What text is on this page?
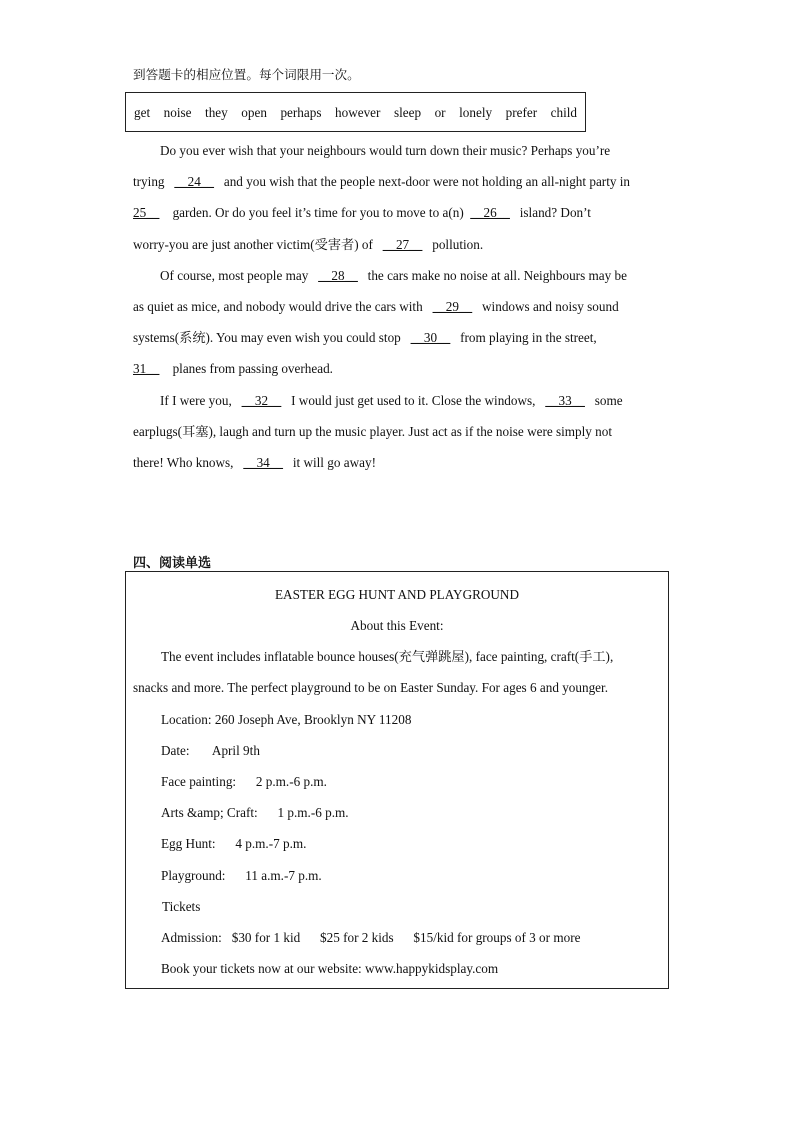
到答题卡的相应位置。每个词限用一次。
get noise they open perhaps however sleep or lonely prefer child
Do you ever wish that your neighbours would turn down their music? Perhaps you’re
trying __24__ and you wish that the people next-door were not holding an all-night party in
25__ garden. Or do you feel it’s time for you to move to a(n) __26__ island? Don’t
worry-you are just another victim(受害者) of __27__ pollution.
Of course, most people may __28__ the cars make no noise at all. Neighbours may be
as quiet as mice, and nobody would drive the cars with __29__ windows and noisy sound
systems(系统). You may even wish you could stop __30__ from playing in the street,
31__ planes from passing overhead.
If I were you, __32__ I would just get used to it. Close the windows, __33__ some
earplugs(耳塞), laugh and turn up the music player. Just act as if the noise were simply not
there! Who knows, __34__ it will go away!
四、阅读单选
EASTER EGG HUNT AND PLAYGROUND
About this Event:
The event includes inflatable bounce houses(充气弹跳屋), face painting, craft(手工),
snacks and more. The perfect playground to be on Easter Sunday. For ages 6 and younger.
Location: 260 Joseph Ave, Brooklyn NY 11208
Date: April 9th
Face painting: 2 p.m.-6 p.m.
Arts &amp; Craft: 1 p.m.-6 p.m.
Egg Hunt: 4 p.m.-7 p.m.
Playground: 11 a.m.-7 p.m.
Tickets
Admission: $30 for 1 kid $25 for 2 kids $15/kid for groups of 3 or more
Book your tickets now at our website: www.happykidsplay.com
